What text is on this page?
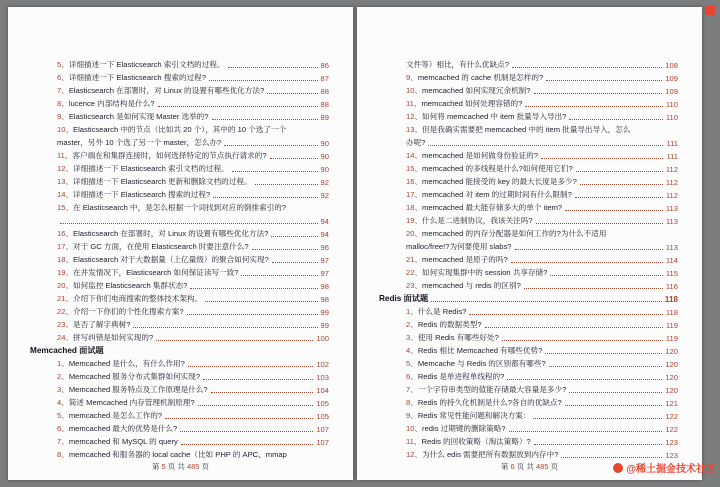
5、详细描述一下 Elasticsearch 索引文档的过程。	86
6、详细描述一下 Elasticsearch 搜索的过程?	87
7、Elasticsearch 在部署时，对 Linux 的设置有哪些优化方法?	88
8、lucence 内部结构是什么?	88
9、Elasticsearch 是如何实现 Master 选举的?	89
10、Elasticsearch 中的节点（比如共 20 个），其中的 10 个选了一个
master，另外 10 个选了另一个 master，怎么办?	90
11、客户端在和集群连接时，如何选择特定的节点执行请求的?	90
12、详细描述一下 Elasticsearch 索引文档的过程。	90
13、详细描述一下 Elasticsearch 更新和删除文档的过程。	92
14、详细描述一下 Elasticsearch 搜索的过程?	92
15、在 Elasticsearch 中，是怎么根据一个词找到对应的倒排索引的?
94
16、Elasticsearch 在部署时，对 Linux 的设置有哪些优化方法?	94
17、对于 GC 方面，在使用 Elasticsearch 时要注意什么?	96
18、Elasticsearch 对于大数据量（上亿量级）的聚合如何实现?	97
19、在并发情况下，Elasticsearch 如何保证读写一致?	97
20、如何监控 Elasticsearch 集群状态?	98
21、介绍下你们电商搜索的整体技术架构。	98
22、介绍一下你们的个性化搜索方案?	99
23、是否了解字典树?	99
24、拼写纠错是如何实现的?	100
Memcached 面试题
1、Memcached 是什么，有什么作用?	102
2、Memcached 服务分布式集群如何实现?	103
3、Memcached 服务特点及工作原理是什么?	104
4、简述 Memcached 内存管理机制原理?	105
5、memcached 是怎么工作的?	105
6、memcached 最大的优势是什么?	107
7、memcached 和 MySQL 的 query	107
8、memcached 和服务器的 local cache（比如 PHP 的 APC、mmap
第 5 页 共 485 页
文件等）相比，有什么优缺点?	108
9、memcached 的 cache 机制是怎样的?	109
10、memcached 如何实现冗余机制?	109
11、memcached 如何处理容错的?	110
12、如何将 memcached 中 item 批量导入导出?	110
13、但是我确实需要把 memcached 中的 item 批量导出导入，怎么
办呢?	111
14、memcached 是如何做身份验证的?	111
15、memcached 的多线程是什么?如何使用它们?	112
16、memcached 能接受的 key 的最大长度是多少?	112
17、memcached 对 item 的过期时间有什么限制?	112
18、memcached 最大能存储多大的单个 item?	113
19、什么是二进制协议，我该关注吗?	113
20、memcached 的内存分配器是如何工作的?为什么不适用
malloc/free!?为何要使用 slabs?	113
21、memcached 是原子的吗?	114
22、如何实现集群中的 session 共享存储?	115
23、memcached 与 redis 的区别?	116
Redis 面试题	118
1、什么是 Redis?	118
2、Redis 的数据类型?	119
3、使用 Redis 有哪些好处?	119
4、Redis 相比 Memcached 有哪些优势?	120
5、Memcache 与 Redis 的区别都有哪些?	120
6、Redis 是单进程单线程的?	120
7、一个字符串类型的值能存储最大容量是多少?	120
8、Redis 的持久化机制是什么?各自的优缺点?	121
9、Redis 常见性能问题和解决方案：	122
10、redis 过期键的删除策略?	122
11、Redis 的回收策略（淘汰策略）?	123
12、为什么 edis 需要把所有数据放到内存中?	123
第 6 页 共 485 页	@稀土掘金技术社区
